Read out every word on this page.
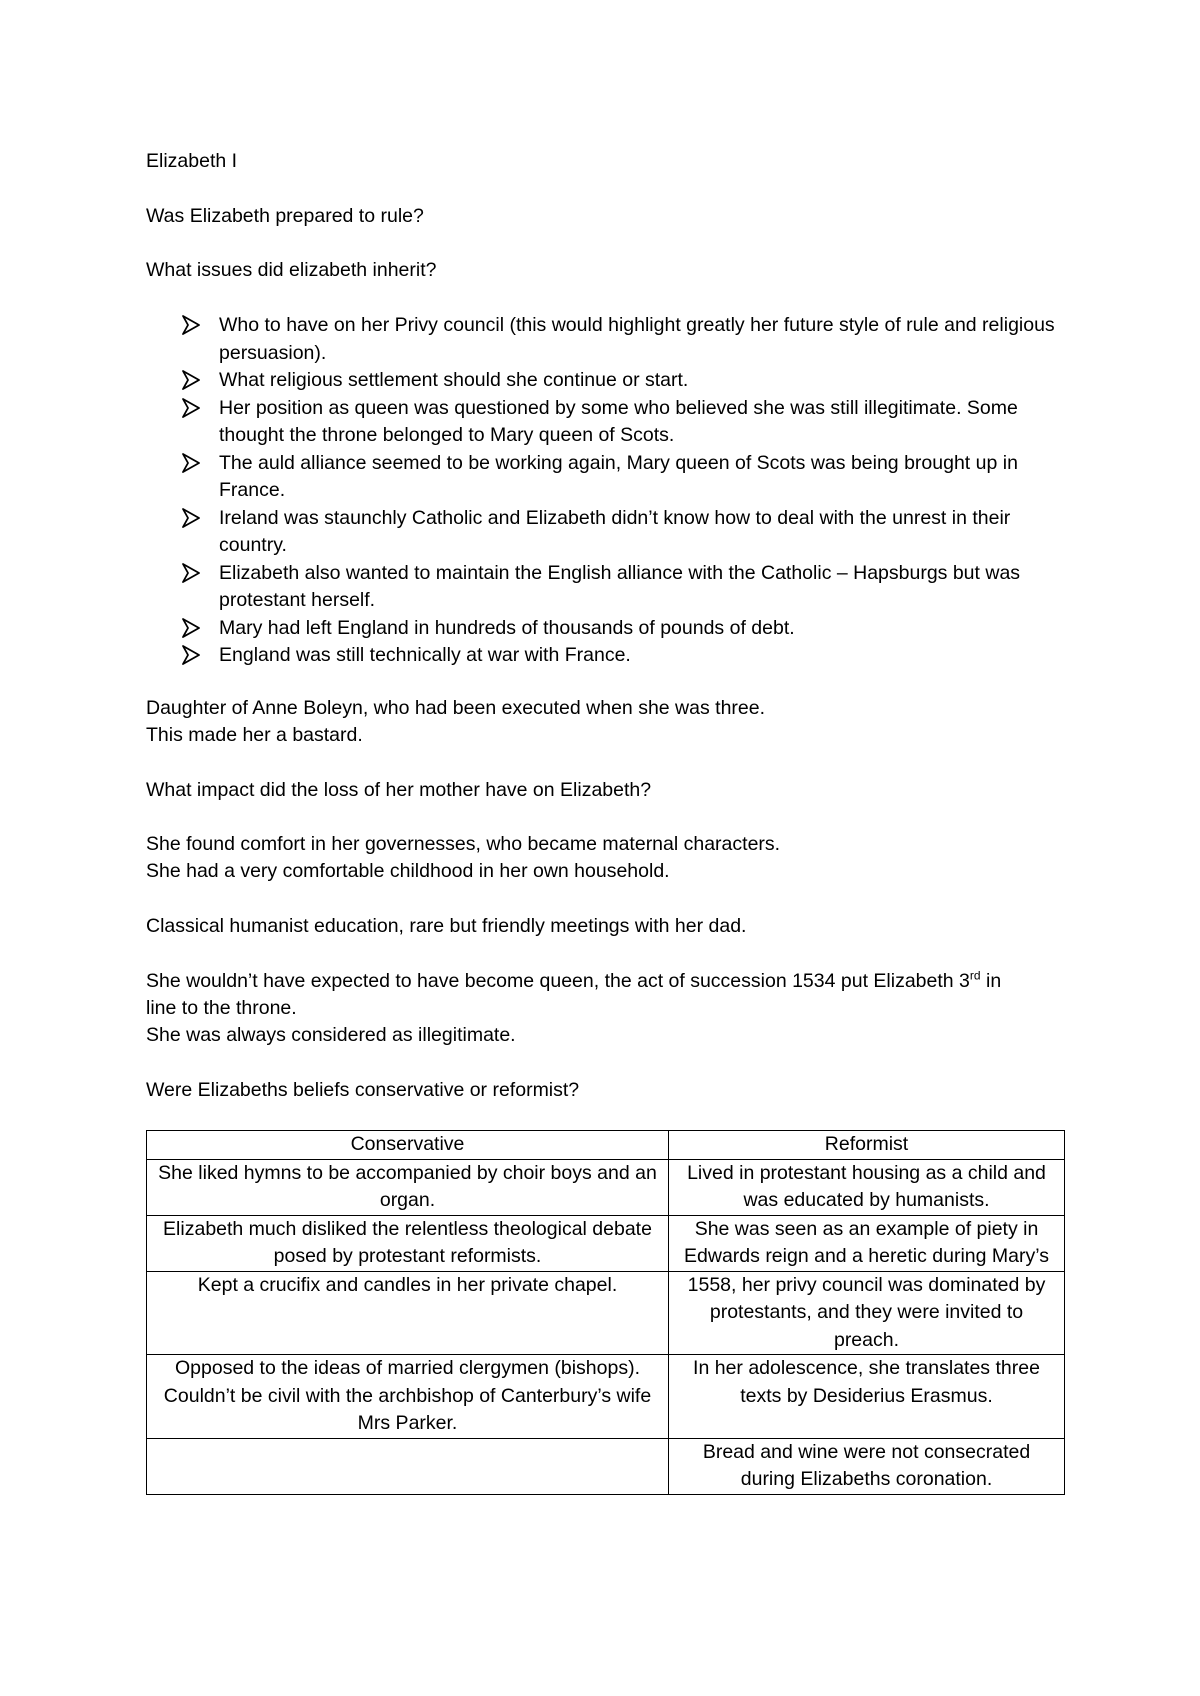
Elizabeth I
Was Elizabeth prepared to rule?
What issues did elizabeth inherit?
Who to have on her Privy council (this would highlight greatly her future style of rule and religious persuasion).
What religious settlement should she continue or start.
Her position as queen was questioned by some who believed she was still illegitimate. Some thought the throne belonged to Mary queen of Scots.
The auld alliance seemed to be working again, Mary queen of Scots was being brought up in France.
Ireland was staunchly Catholic and Elizabeth didn’t know how to deal with the unrest in their country.
Elizabeth also wanted to maintain the English alliance with the Catholic – Hapsburgs but was protestant herself.
Mary had left England in hundreds of thousands of pounds of debt.
England was still technically at war with France.
Daughter of Anne Boleyn, who had been executed when she was three.
This made her a bastard.
What impact did the loss of her mother have on Elizabeth?
She found comfort in her governesses, who became maternal characters.
She had a very comfortable childhood in her own household.
Classical humanist education, rare but friendly meetings with her dad.
She wouldn’t have expected to have become queen, the act of succession 1534 put Elizabeth 3rd in
line to the throne.
She was always considered as illegitimate.
Were Elizabeths beliefs conservative or reformist?
Conservative	Reformist
She liked hymns to be accompanied by choir boys and an organ.	Lived in protestant housing as a child and was educated by humanists.
Elizabeth much disliked the relentless theological debate posed by protestant reformists.	She was seen as an example of piety in Edwards reign and a heretic during Mary’s
Kept a crucifix and candles in her private chapel.	1558, her privy council was dominated by protestants, and they were invited to preach.
Opposed to the ideas of married clergymen (bishops). Couldn’t be civil with the archbishop of Canterbury’s wife Mrs Parker.	In her adolescence, she translates three texts by Desiderius Erasmus.
	Bread and wine were not consecrated during Elizabeths coronation.
